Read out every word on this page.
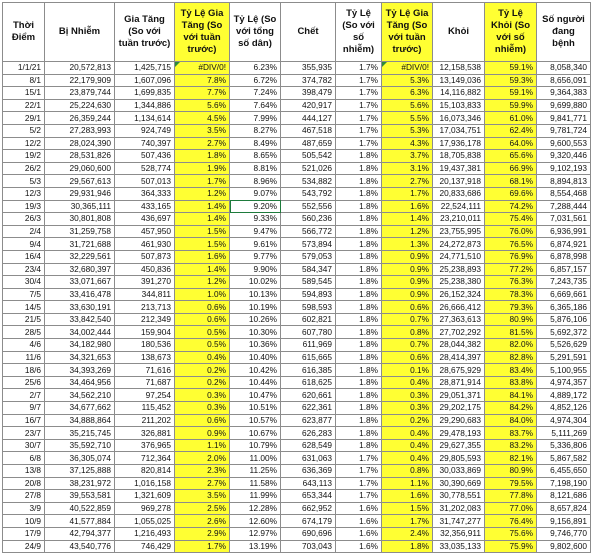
Thời Điểm	Bị Nhiễm	Gia Tăng (So với tuần trước)	Tỷ Lệ Gia Tăng (So với tuần trước)	Tỷ Lệ (So với tổng số dân)	Chết	Tỷ Lệ (So với số nhiễm)	Tỷ Lệ Gia Tăng (So với tuần trước)	Khỏi	Tỷ Lệ Khỏi (So với số nhiễm)	Số người đang bệnh
1/1/21	20,572,813	1,425,715	#DIV/0!	6.23%	355,935	1.7%	#DIV/0!	12,158,538	59.1%	8,058,340
8/1	22,179,909	1,607,096	7.8%	6.72%	374,782	1.7%	5.3%	13,149,036	59.3%	8,656,091
15/1	23,879,744	1,699,835	7.7%	7.24%	398,479	1.7%	6.3%	14,116,882	59.1%	9,364,383
22/1	25,224,630	1,344,886	5.6%	7.64%	420,917	1.7%	5.6%	15,103,833	59.9%	9,699,880
29/1	26,359,244	1,134,614	4.5%	7.99%	444,127	1.7%	5.5%	16,073,346	61.0%	9,841,771
5/2	27,283,993	924,749	3.5%	8.27%	467,518	1.7%	5.3%	17,034,751	62.4%	9,781,724
12/2	28,024,390	740,397	2.7%	8.49%	487,659	1.7%	4.3%	17,936,178	64.0%	9,600,553
19/2	28,531,826	507,436	1.8%	8.65%	505,542	1.8%	3.7%	18,705,838	65.6%	9,320,446
26/2	29,060,600	528,774	1.9%	8.81%	521,026	1.8%	3.1%	19,437,381	66.9%	9,102,193
5/3	29,567,613	507,013	1.7%	8.96%	534,882	1.8%	2.7%	20,137,918	68.1%	8,894,813
12/3	29,931,946	364,333	1.2%	9.07%	543,792	1.8%	1.7%	20,833,686	69.6%	8,554,468
19/3	30,365,111	433,165	1.4%	9.20%	552,556	1.8%	1.6%	22,524,111	74.2%	7,288,444
26/3	30,801,808	436,697	1.4%	9.33%	560,236	1.8%	1.4%	23,210,011	75.4%	7,031,561
2/4	31,259,758	457,950	1.5%	9.47%	566,772	1.8%	1.2%	23,755,995	76.0%	6,936,991
9/4	31,721,688	461,930	1.5%	9.61%	573,894	1.8%	1.3%	24,272,873	76.5%	6,874,921
16/4	32,229,561	507,873	1.6%	9.77%	579,053	1.8%	0.9%	24,771,510	76.9%	6,878,998
23/4	32,680,397	450,836	1.4%	9.90%	584,347	1.8%	0.9%	25,238,893	77.2%	6,857,157
30/4	33,071,667	391,270	1.2%	10.02%	589,545	1.8%	0.9%	25,238,380	76.3%	7,243,735
7/5	33,416,478	344,811	1.0%	10.13%	594,893	1.8%	0.9%	26,152,324	78.3%	6,669,661
14/5	33,630,191	213,713	0.6%	10.19%	598,593	1.8%	0.6%	26,666,412	79.3%	6,365,186
21/5	33,842,540	212,349	0.6%	10.26%	602,821	1.8%	0.7%	27,363,613	80.9%	5,876,106
28/5	34,002,444	159,904	0.5%	10.30%	607,780	1.8%	0.8%	27,702,292	81.5%	5,692,372
4/6	34,182,980	180,536	0.5%	10.36%	611,969	1.8%	0.7%	28,044,382	82.0%	5,526,629
11/6	34,321,653	138,673	0.4%	10.40%	615,665	1.8%	0.6%	28,414,397	82.8%	5,291,591
18/6	34,393,269	71,616	0.2%	10.42%	616,385	1.8%	0.1%	28,675,929	83.4%	5,100,955
25/6	34,464,956	71,687	0.2%	10.44%	618,625	1.8%	0.4%	28,871,914	83.8%	4,974,357
2/7	34,562,210	97,254	0.3%	10.47%	620,661	1.8%	0.3%	29,051,371	84.1%	4,889,172
9/7	34,677,662	115,452	0.3%	10.51%	622,361	1.8%	0.3%	29,202,175	84.2%	4,852,126
16/7	34,888,864	211,202	0.6%	10.57%	623,877	1.8%	0.2%	29,290,683	84.0%	4,974,304
23/7	35,215,745	326,881	0.9%	10.67%	626,283	1.8%	0.4%	29,478,193	83.7%	5,111,269
30/7	35,592,710	376,965	1.1%	10.79%	628,549	1.8%	0.4%	29,627,355	83.2%	5,336,806
6/8	36,305,074	712,364	2.0%	11.00%	631,063	1.7%	0.4%	29,805,593	82.1%	5,867,582
13/8	37,125,888	820,814	2.3%	11.25%	636,369	1.7%	0.8%	30,033,869	80.9%	6,455,650
20/8	38,231,972	1,016,158	2.7%	11.58%	643,113	1.7%	1.1%	30,390,669	79.5%	7,198,190
27/8	39,553,581	1,321,609	3.5%	11.99%	653,344	1.7%	1.6%	30,778,551	77.8%	8,121,686
3/9	40,522,859	969,278	2.5%	12.28%	662,952	1.6%	1.5%	31,202,083	77.0%	8,657,824
10/9	41,577,884	1,055,025	2.6%	12.60%	674,179	1.6%	1.7%	31,747,277	76.4%	9,156,891
17/9	42,794,377	1,216,493	2.9%	12.97%	690,696	1.6%	2.4%	32,356,911	75.6%	9,746,770
24/9	43,540,776	746,429	1.7%	13.19%	703,043	1.6%	1.8%	33,035,133	75.9%	9,802,600
